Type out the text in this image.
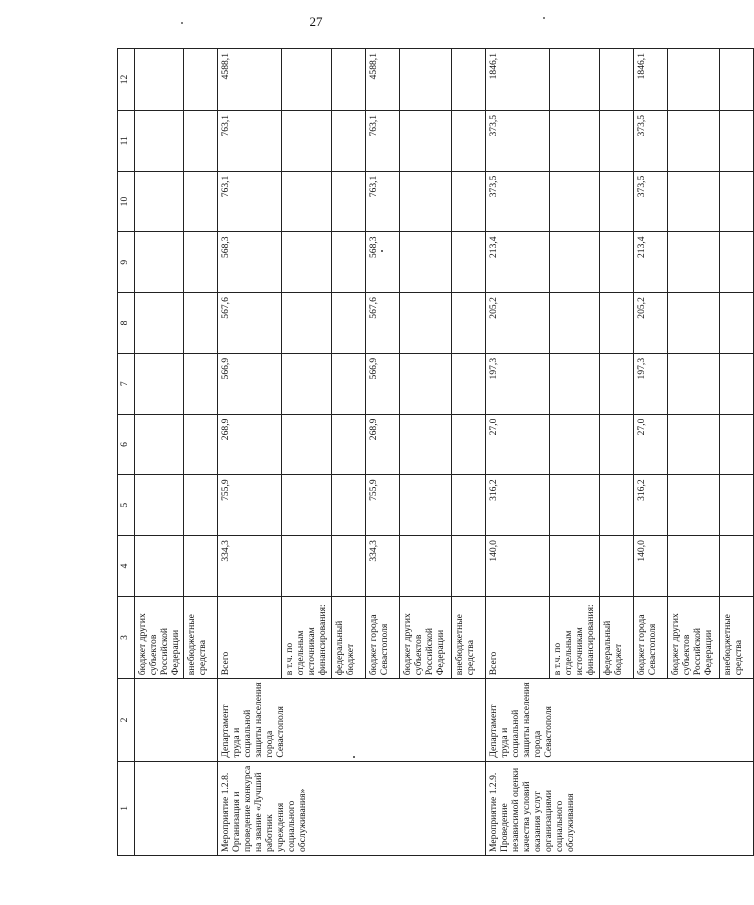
27
1	2	3	4	5	6	7	8	9	10	11	12
		бюджет других субъектов Российской Федерации									
		внебюджетные средства									
Мероприятие 1.2.8. Организация и проведение конкурса на звание «Лучший работник учреждения социального обслуживания»	Департамент труда и социальной защиты населения города Севастополя	Всего	334,3	755,9	268,9	566,9	567,6	568,3	763,1	763,1	4588,1
		в т.ч. по отдельным источникам финансирования:									
		федеральный бюджет									
		бюджет города Севастополя	334,3	755,9	268,9	566,9	567,6	568,3	763,1	763,1	4588,1
		бюджет других субъектов Российской Федерации									
		внебюджетные средства									
Мероприятие 1.2.9. Проведение независимой оценки качества условий оказания услуг организациями социального обслуживания	Департамент труда и социальной защиты населения города Севастополя	Всего	140,0	316,2	27,0	197,3	205,2	213,4	373,5	373,5	1846,1
		в т.ч. по отдельным источникам финансирования:									
		федеральный бюджет									
		бюджет города Севастополя	140,0	316,2	27,0	197,3	205,2	213,4	373,5	373,5	1846,1
		бюджет других субъектов Российской Федерации									
		внебюджетные средства									
